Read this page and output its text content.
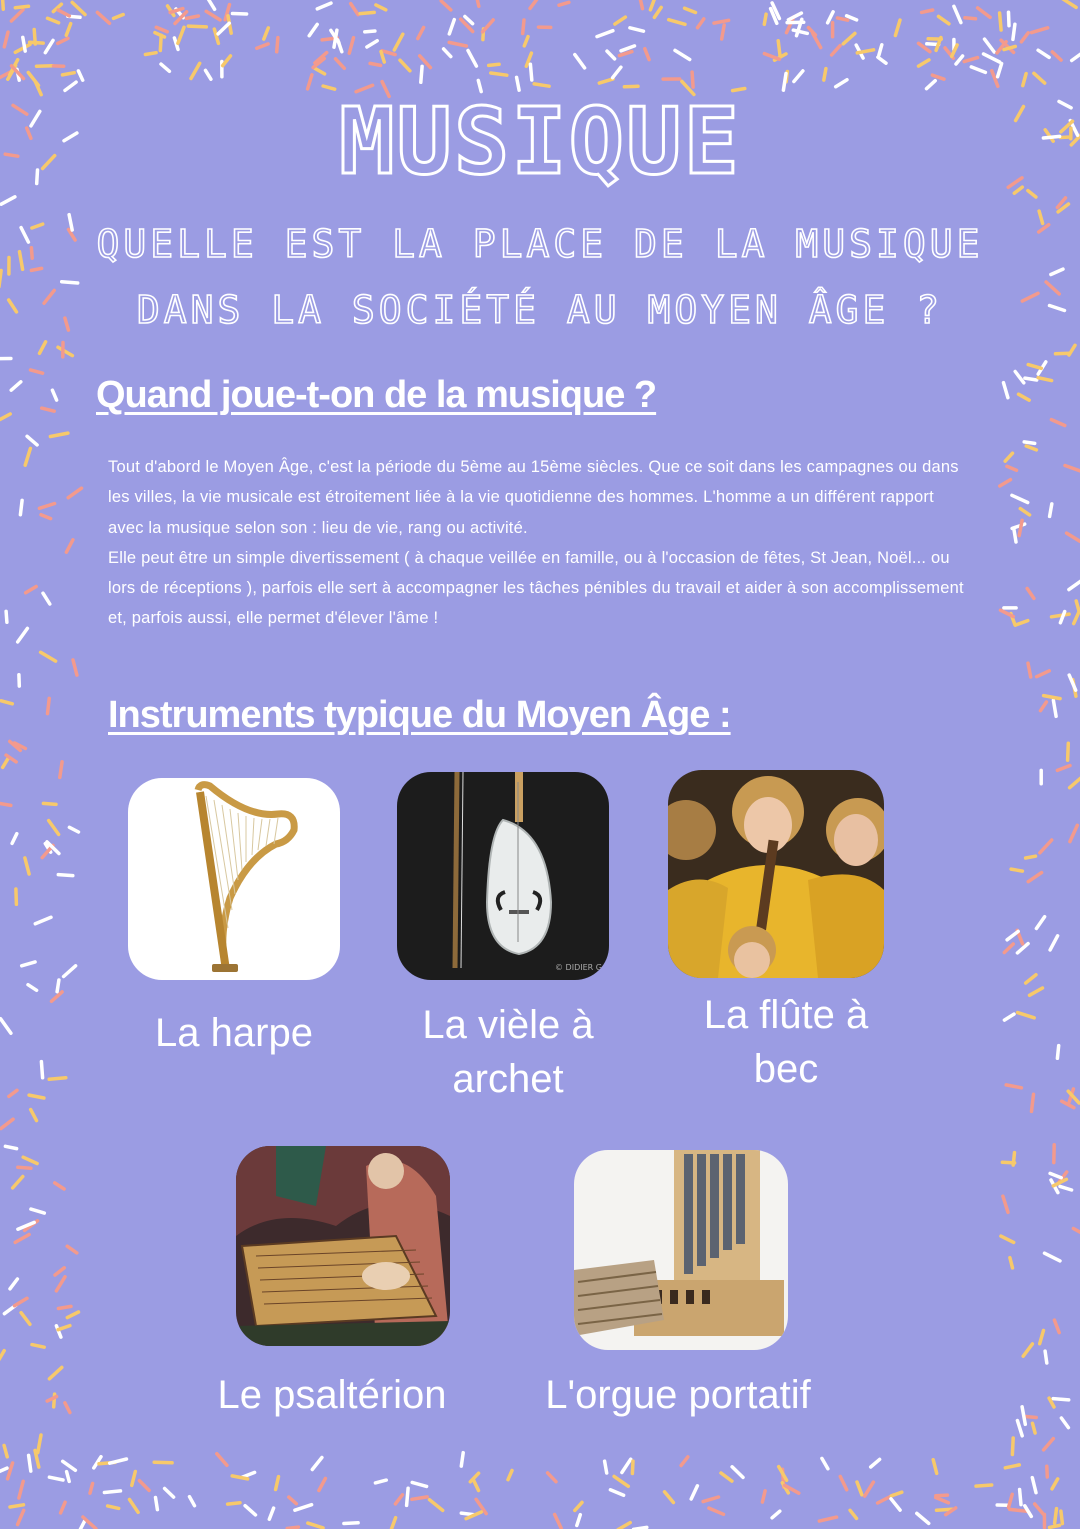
MUSIQUE
QUELLE EST LA PLACE DE LA MUSIQUE
DANS LA SOCIÉTÉ AU MOYEN ÂGE ?
Quand joue-t-on de la musique ?

Tout d'abord le Moyen Âge, c'est la période du 5ème au 15ème siècles. Que ce soit dans les campagnes ou dans les villes, la vie musicale est étroitement liée à la vie quotidienne des hommes. L'homme a un différent rapport avec la musique selon son : lieu de vie, rang ou activité.

Elle peut être un simple divertissement ( à chaque veillée en famille, ou à l'occasion de fêtes, St Jean, Noël... ou lors de réceptions ), parfois elle sert à accompagner les tâches pénibles du travail et aider à son accomplissement et, parfois aussi, elle permet d'élever l'âme !

Instruments typique du Moyen Âge :
© DIDIER G
La harpe	La vièle à
archet
La flûte à
bec
Le psaltérion	L'orgue portatif
